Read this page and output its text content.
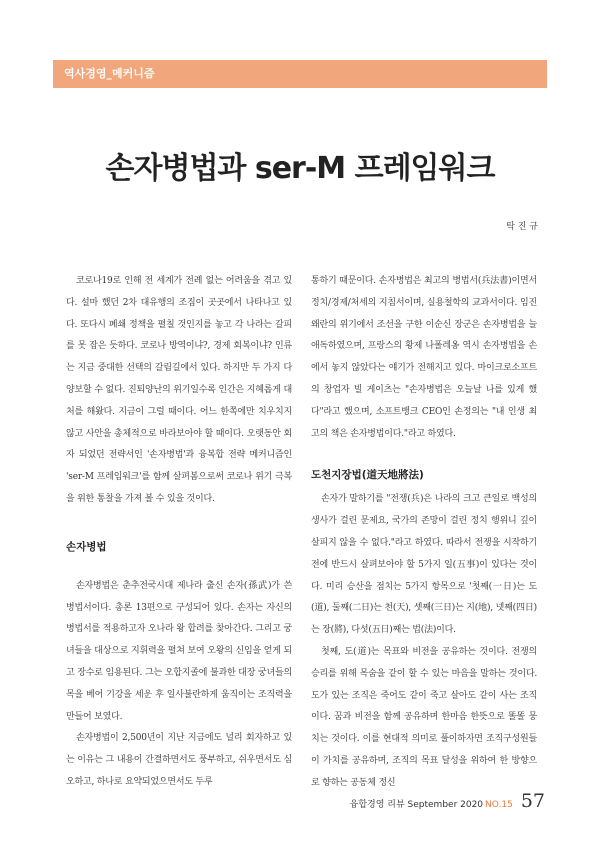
역사경영_메커니즘
손자병법과 ser-M 프레임워크
탁 진 규

코로나19로 인해 전 세계가 전례 없는 어려움을 겪고 있다. 설마 했던 2차 대유행의 조짐이 곳곳에서 나타나고 있다. 또다시 폐쇄 정책을 펼칠 것인지를 놓고 각 나라는 갈피를 못 잡은 듯하다. 코로나 방역이냐?, 경제 회복이냐? 인류는 지금 중대한 선택의 갈림길에서 있다. 하지만 두 가지 다 양보할 수 없다. 진퇴양난의 위기일수록 인간은 지혜롭게 대처를 해왔다. 지금이 그럴 때이다. 어느 한쪽에만 치우치지 않고 사안을 총체적으로 바라보아야 할 때이다. 오랫동안 회자 되었던 전략서인 '손자병법'과 융복합 전략 메커니즘인 'ser-M 프레임워크'를 함께 살펴봄으로써 코로나 위기 극복을 위한 통찰을 가져 볼 수 있을 것이다.

손자병법

손자병법은 춘추전국시대 제나라 출신 손자(孫武)가 쓴 병법서이다. 총론 13편으로 구성되어 있다. 손자는 자신의 병법서를 적용하고자 오나라 왕 합려를 찾아간다. 그리고 궁녀들을 대상으로 지휘력을 펼쳐 보여 오왕의 신임을 얻게 되고 장수로 임용된다. 그는 오합지졸에 불과한 대장 궁녀들의 목을 베어 기강을 세운 후 일사불란하게 움직이는 조직력을 만들어 보였다.

손자병법이 2,500년이 지난 지금에도 널리 회자하고 있는 이유는 그 내용이 간결하면서도 풍부하고, 쉬우면서도 심오하고, 하나로 요약되었으면서도 두루

통하기 때문이다. 손자병법은 최고의 병법서(兵法書)이면서 정치/경제/처세의 지침서이며, 실용철학의 교과서이다. 임진왜란의 위기에서 조선을 구한 이순신 장군은 손자병법을 늘 애독하였으며, 프랑스의 황제 나폴레옹 역시 손자병법을 손에서 놓지 않았다는 얘기가 전해지고 있다. 마이크로소프트의 창업자 빌 게이츠는 "손자병법은 오늘날 나를 있게 했다"라고 했으며, 소프트뱅크 CEO인 손정의는 "내 인생 최고의 책은 손자병법이다."라고 하였다.

도천지장법(道天地將法)

손자가 말하기를 "전쟁(兵)은 나라의 크고 큰일로 백성의 생사가 걸린 문제요, 국가의 존망이 걸린 정치 행위니 깊이 살피지 않을 수 없다."라고 하였다. 따라서 전쟁을 시작하기 전에 반드시 살펴보아야 할 5가지 일(五事)이 있다는 것이다. 미리 승산을 점치는 5가지 항목으로 '첫째(一日)는 도(道), 둘째(二日)는 천(天), 셋째(三日)는 지(地), 넷째(四日)는 장(將), 다섯(五日)째는 법(法)이다.

첫째, 도(道)는 목표와 비전을 공유하는 것이다. 전쟁의 승리를 위해 목숨을 같이 할 수 있는 마음을 말하는 것이다. 도가 있는 조직은 죽어도 같이 죽고 살아도 같이 사는 조직이다. 꿈과 비전을 함께 공유하며 한마음 한뜻으로 똘똘 뭉치는 것이다. 이를 현대적 의미로 풀이하자면 조직구성원들이 가치를 공유하며, 조직의 목표 달성을 위하여 한 방향으로 향하는 공동체 정신

융합경영 리뷰 September 2020 NO.15 57
